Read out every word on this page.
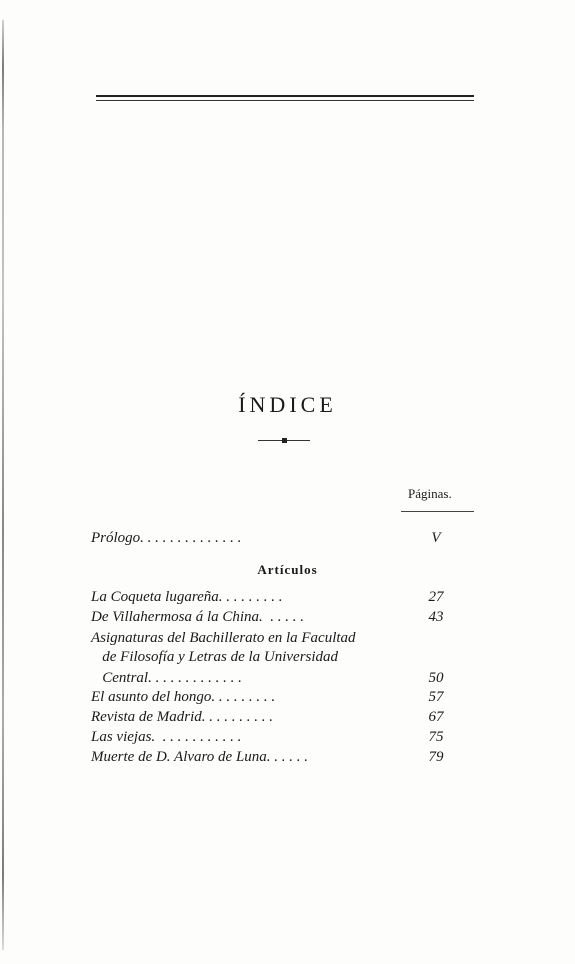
ÍNDICE
Páginas.
Prólogo. . . . . . . . . . . . . .	V
Artículos
La Coqueta lugareña. . . . . . . . .	27
De Villahermosa á la China.  . . . . .	43
Asignaturas del Bachillerato en la Facultad
de Filosofía y Letras de la Universidad
Central. . . . . . . . . . . . .	50
El asunto del hongo. . . . . . . . .	57
Revista de Madrid. . . . . . . . . .	67
Las viejas.  . . . . . . . . . . .	75
Muerte de D. Alvaro de Luna. . . . . .	79
